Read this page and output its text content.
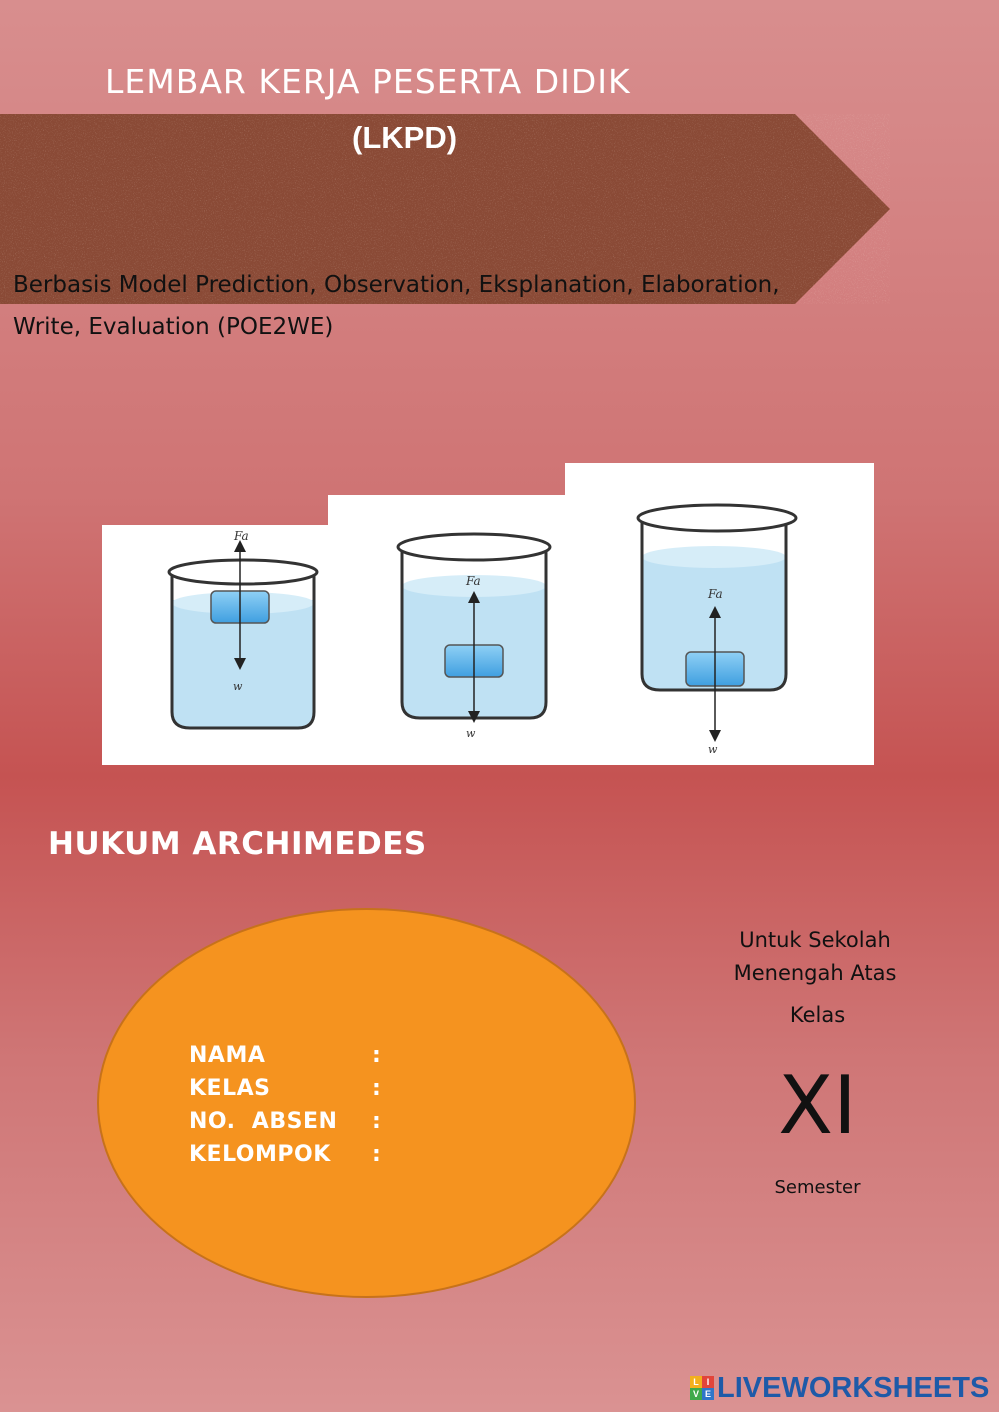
LEMBAR KERJA PESERTA DIDIK
(LKPD)
Berbasis Model Prediction, Observation, Eksplanation, Elaboration,
Write, Evaluation (POE2WE)
Fa
w
Fa
w
Fa
w
HUKUM ARCHIMEDES
NAMA	:
KELAS	:
NO.  ABSEN :
KELOMPOK :
Untuk Sekolah
Menengah Atas
Kelas
XI
Semester
L I
V E LIVEWORKSHEETS
